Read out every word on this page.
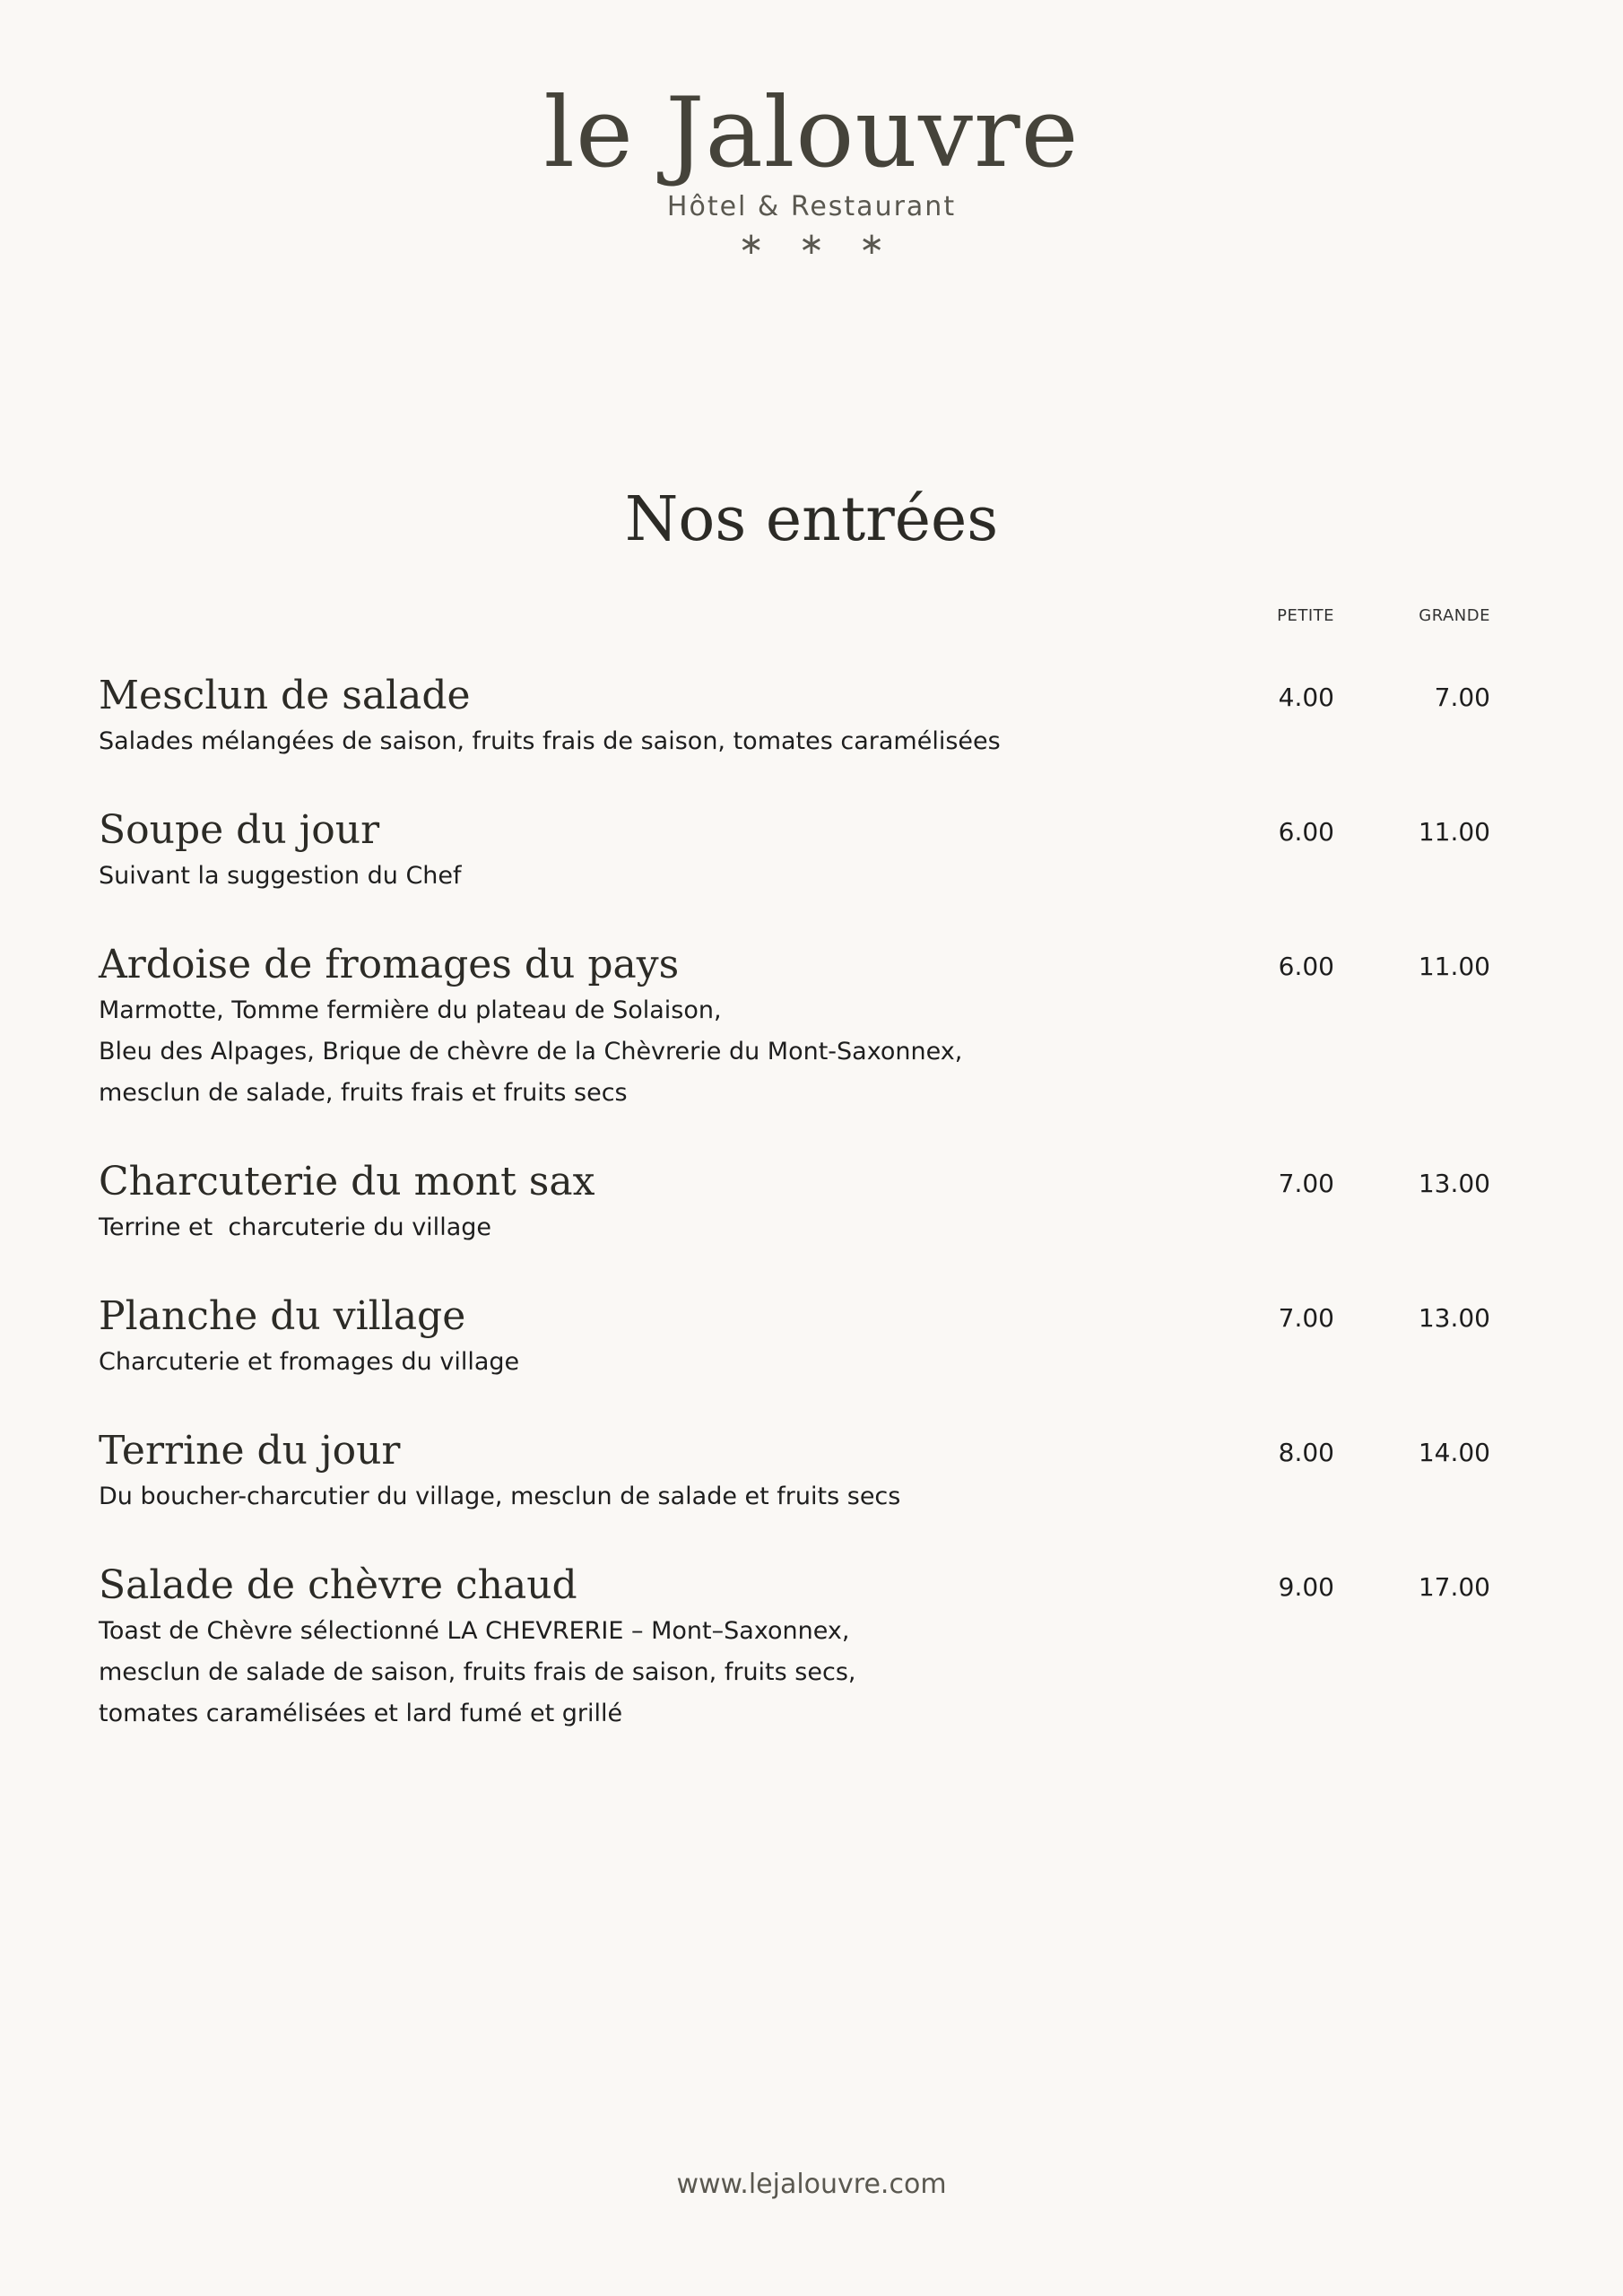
le Jalouvre
Hôtel & Restaurant
∗ ∗ ∗
Nos entrées
PETITE	GRANDE
Mesclun de salade
Salades mélangées de saison, fruits frais de saison, tomates caramélisées
4.00	7.00
Soupe du jour
Suivant la suggestion du Chef
6.00	11.00
Ardoise de fromages du pays
Marmotte, Tomme fermière du plateau de Solaison,
Bleu des Alpages, Brique de chèvre de la Chèvrerie du Mont-Saxonnex,
mesclun de salade, fruits frais et fruits secs
6.00	11.00
Charcuterie du mont sax
Terrine et  charcuterie du village
7.00	13.00
Planche du village
Charcuterie et fromages du village
7.00	13.00
Terrine du jour
Du boucher-charcutier du village, mesclun de salade et fruits secs
8.00	14.00
Salade de chèvre chaud
Toast de Chèvre sélectionné LA CHEVRERIE – Mont–Saxonnex,
mesclun de salade de saison, fruits frais de saison, fruits secs,
tomates caramélisées et lard fumé et grillé
9.00	17.00
www.lejalouvre.com
